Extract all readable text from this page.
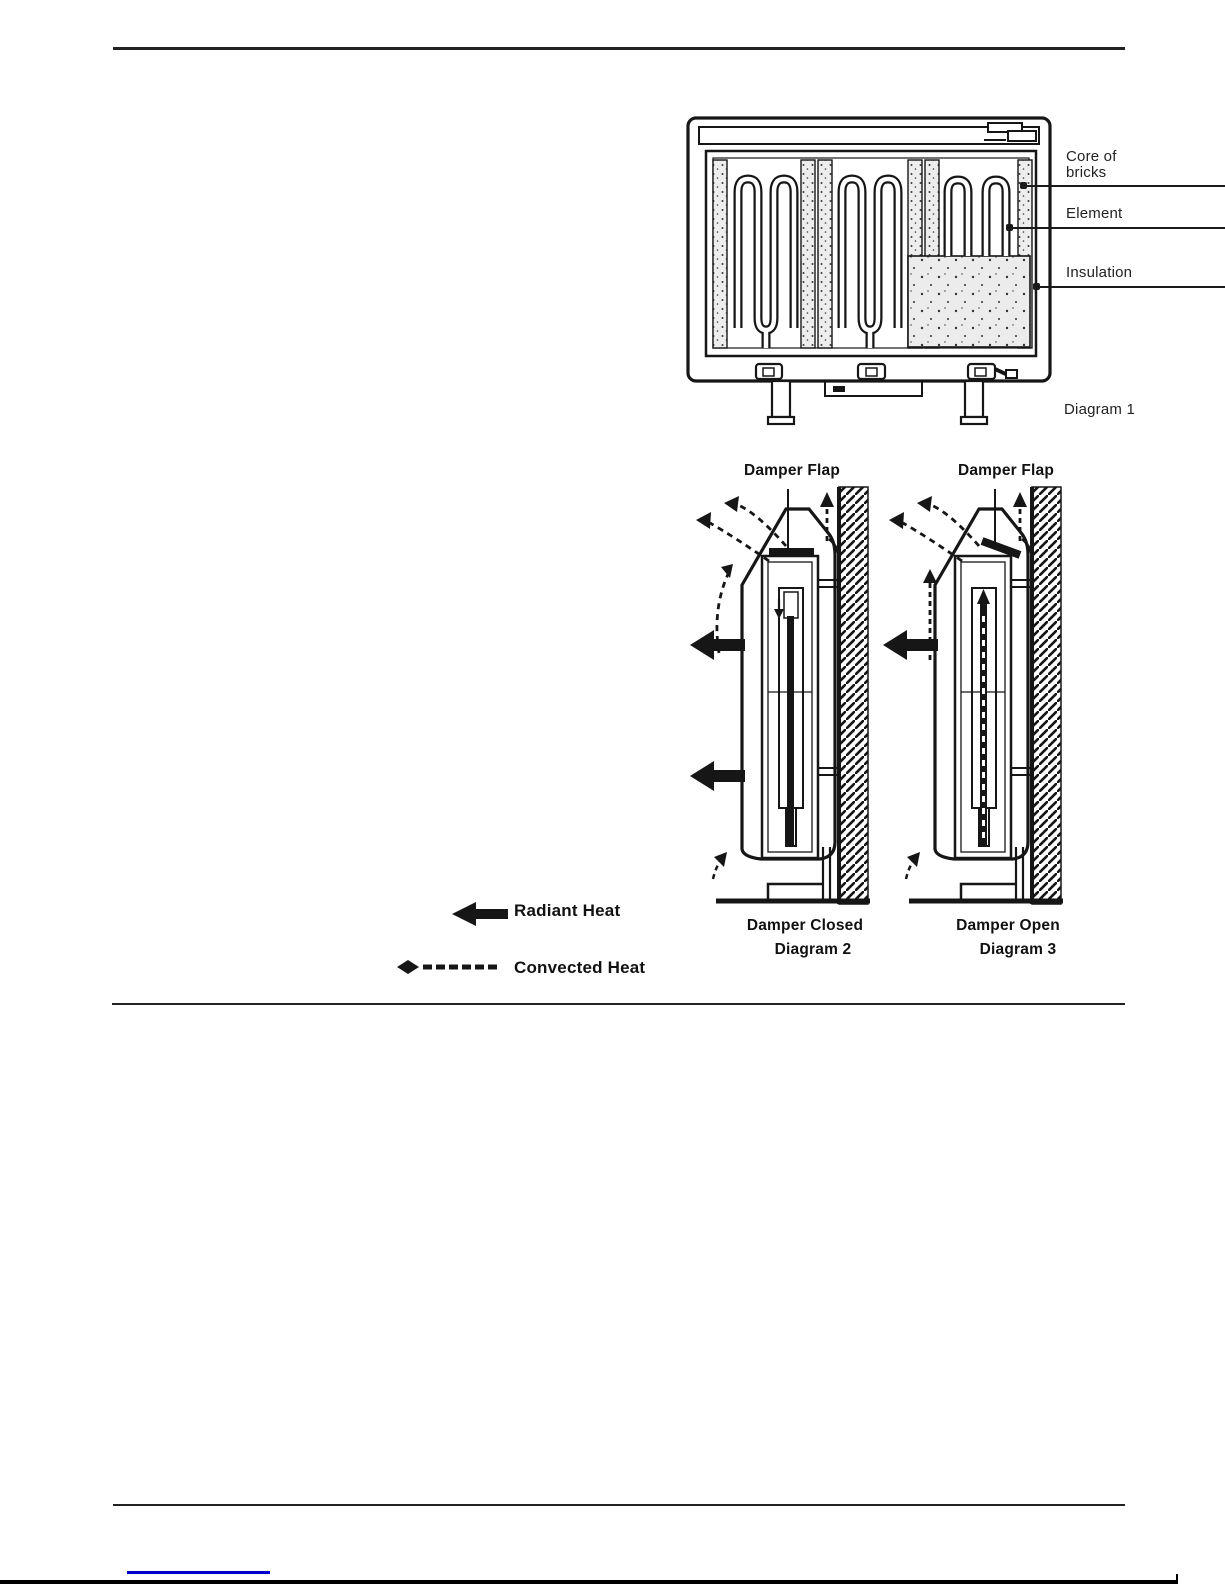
Core of
bricks
Element
Insulation
Diagram 1
Damper Flap	Damper Flap
Damper Closed
Diagram 2
Damper Open
Diagram 3
Radiant Heat
Convected Heat
